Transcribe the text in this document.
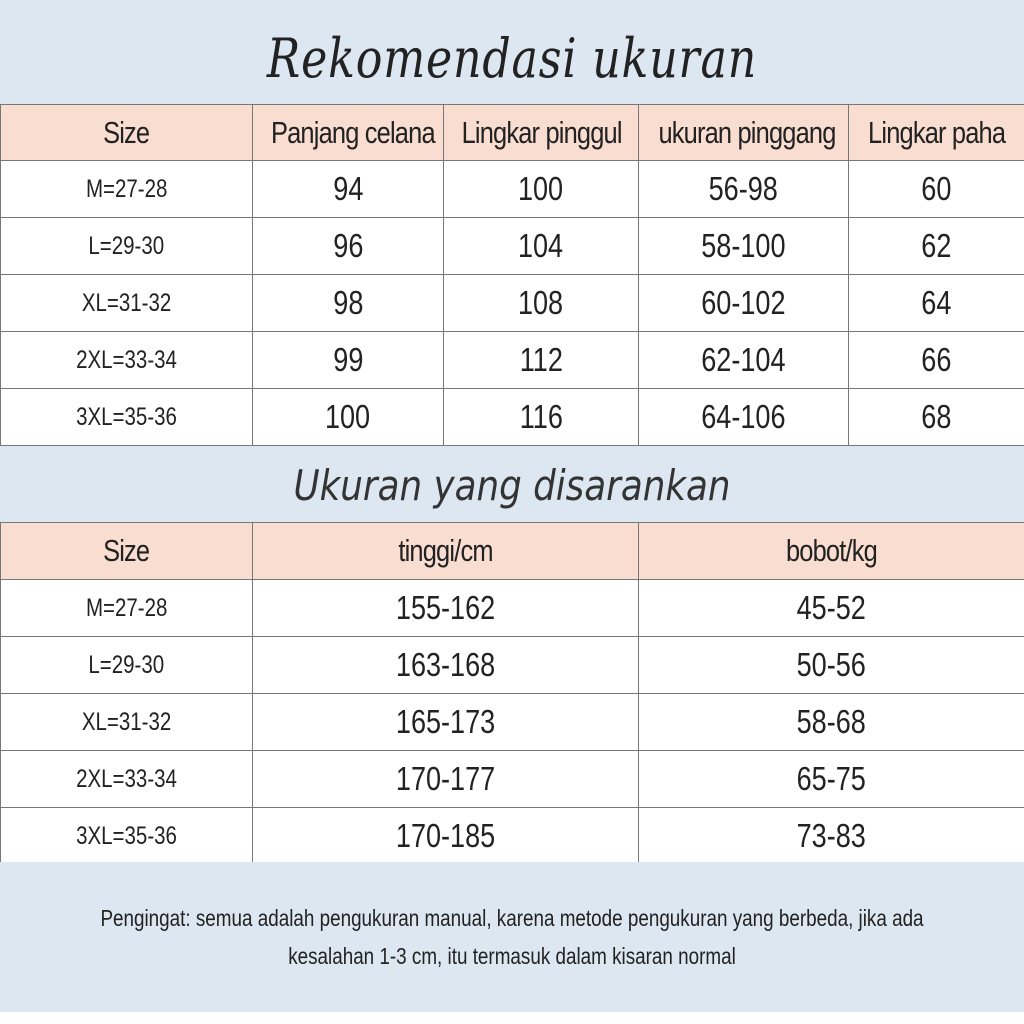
Rekomendasi ukuran
Size	Panjang celana	Lingkar pinggul	ukuran pinggang	Lingkar paha
M=27-28	94	100	56-98	60
L=29-30	96	104	58-100	62
XL=31-32	98	108	60-102	64
2XL=33-34	99	112	62-104	66
3XL=35-36	100	116	64-106	68
Ukuran yang disarankan
Size	tinggi/cm	bobot/kg
M=27-28	155-162	45-52
L=29-30	163-168	50-56
XL=31-32	165-173	58-68
2XL=33-34	170-177	65-75
3XL=35-36	170-185	73-83

Pengingat: semua adalah pengukuran manual, karena metode pengukuran yang berbeda, jika ada kesalahan 1-3 cm, itu termasuk dalam kisaran normal
